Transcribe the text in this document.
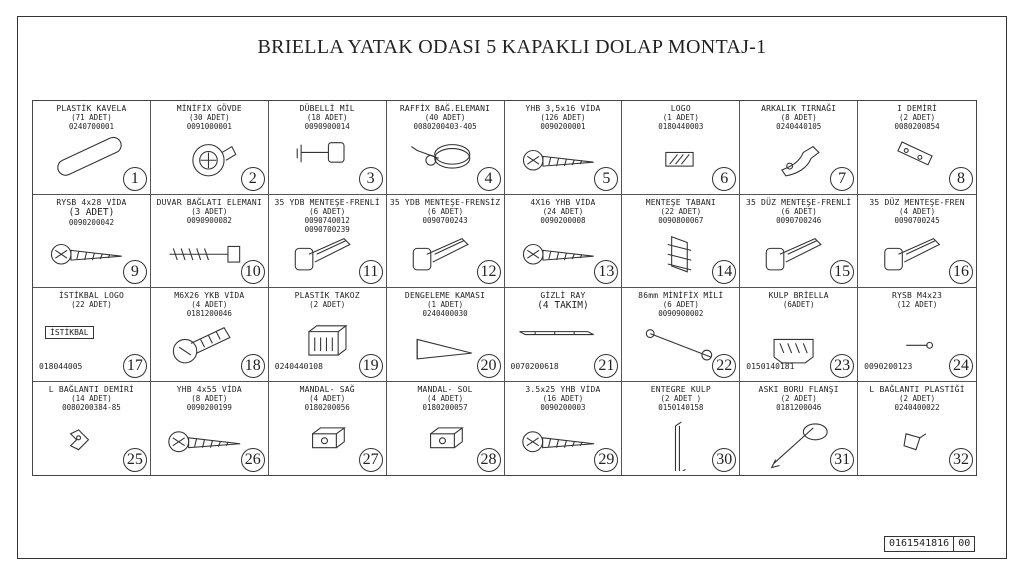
BRIELLA YATAK ODASI 5 KAPAKLI DOLAP MONTAJ-1
PLASTİK KAVELA
(71 ADET)
0240700001
1
MİNİFİX GÖVDE
(30 ADET)
0091000001
2
DÜBELLİ MİL
(18 ADET)
0090900014
3
RAFFİX BAĞ.ELEMANI
(40 ADET)
0080200403-405
4
YHB 3,5x16 VİDA
(126 ADET)
0090200001
5
LOGO
(1 ADET)
0180440003
6
ARKALIK TIRNAĞI
(8 ADET)
0240440105
7
I DEMİRİ
(2 ADET)
0080200854
8
RYSB 4x28 VİDA
(3 ADET)
0090200042
9
DUVAR BAĞLATI ELEMANI
(3 ADET)
0090900082
10
35 YDB MENTEŞE-FRENLİ
(6 ADET)
0090740012
0090700239
11
35 YDB MENTEŞE-FRENSİZ
(6 ADET)
0090700243
12
4X16 YHB VİDA
(24 ADET)
0090200008
13
MENTEŞE TABANI
(22 ADET)
0090800067
14
35 DÜZ MENTEŞE-FRENLİ
(6 ADET)
0090700246
15
35 DÜZ MENTEŞE-FREN
(4 ADET)
0090700245
16
İSTİKBAL LOGO
(22 ADET)
018044005
İSTİKBAL
17
M6X26 YKB VİDA
(4 ADET)
0181200046
18
PLASTİK TAKOZ
(2 ADET)
0240440108 19
DENGELEME KAMASI
(1 ADET)
0240400030
20
GİZLİ RAY
(4 TAKIM)
0070200618 21
86mm MİNİFİX MİLİ
(6 ADET)
0090900002
22
KULP BRİELLA
(6ADET)
0150140181 23
RYSB M4x23
(12 ADET)
0090200123	24
L BAĞLANTI DEMİRİ
(14 ADET)
0080200384-85
25
YHB 4x55 VİDA
(8 ADET)
0090200199
26
MANDAL- SAĞ
(4 ADET)
0180200056
27
MANDAL- SOL
(4 ADET)
0180200057
28
3.5x25 YHB VİDA
(16 ADET)
0090200003
29
ENTEGRE KULP
(2 ADET )
0150140158
30
ASKI BORU FLANŞI
(2 ADET)
0181200046
31
L BAĞLANTI PLASTİĞİ
(2 ADET)
0240400022
32
0161541816 00
